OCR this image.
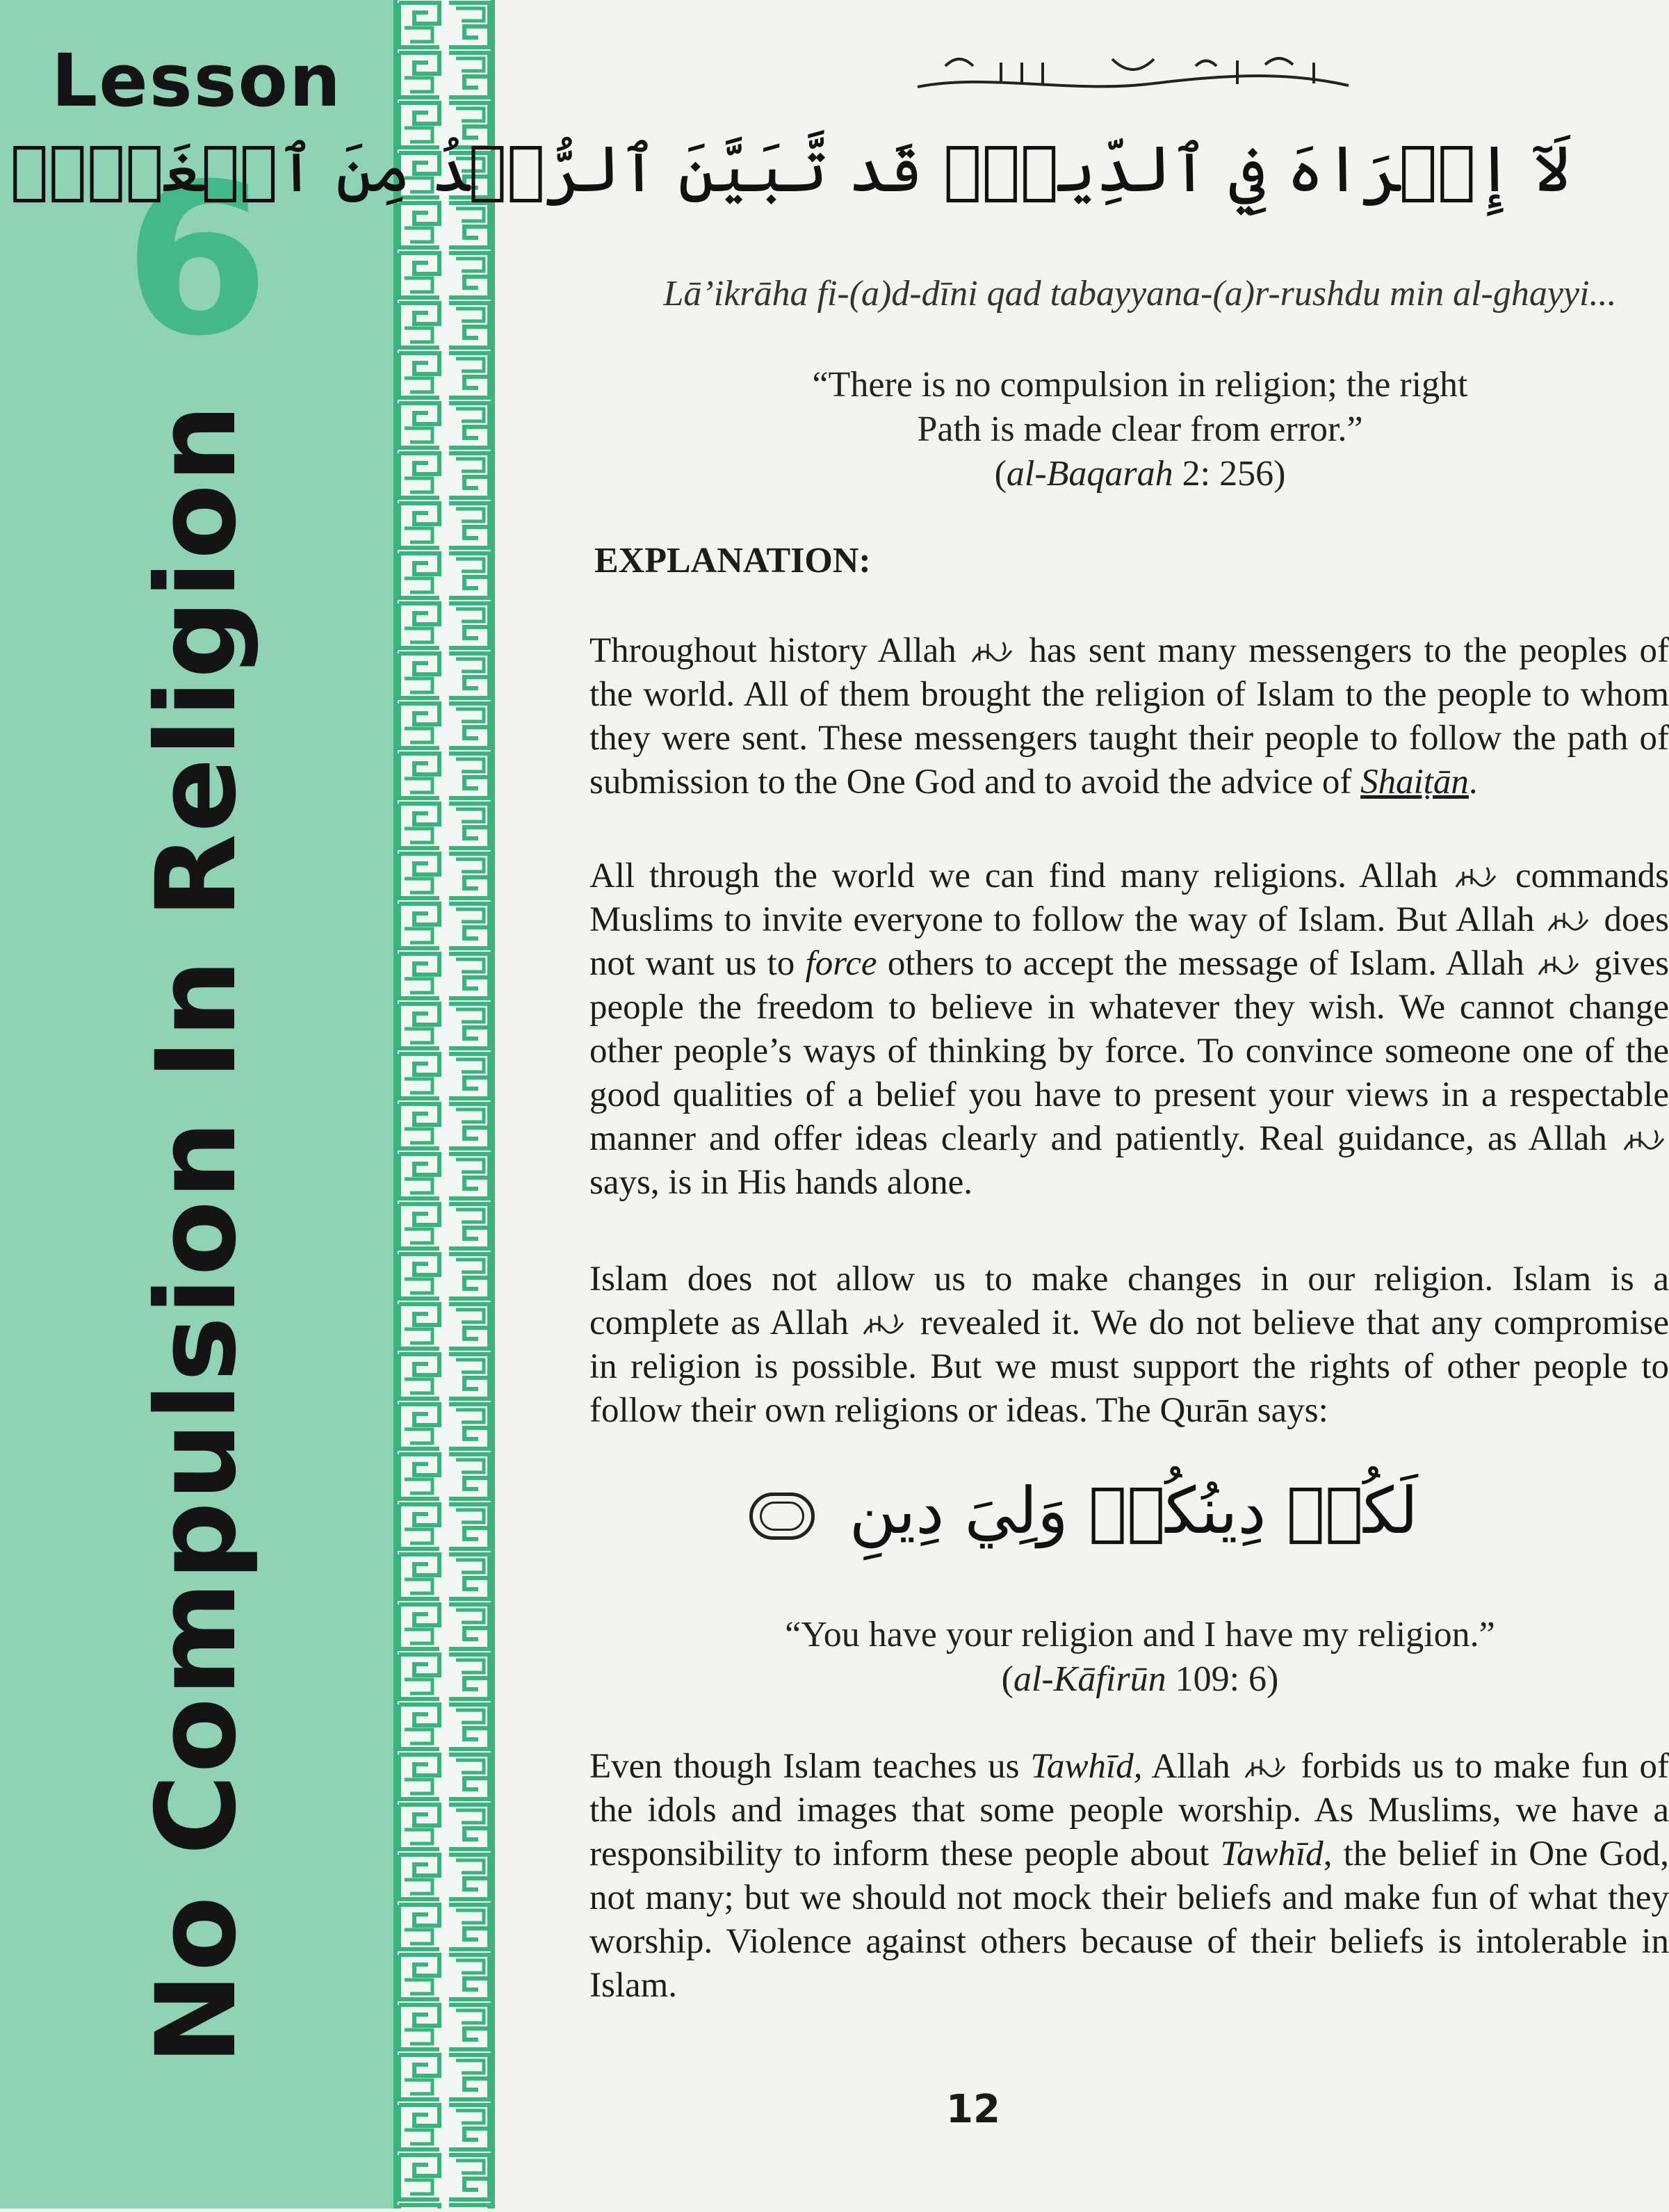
Lesson
6
No Compulsion In Religion
لَآ إِكۡرَاهَ فِي ٱلدِّينِۖ قَد تَّبَيَّنَ ٱلرُّشۡدُ مِنَ ٱلۡغَيِّۚ
Lā’ikrāha fi-(a)d-dīni qad tabayyana-(a)r-rushdu min al-ghayyi...
“There is no compulsion in religion; the right
Path is made clear from error.”
(al-Baqarah 2: 256)
EXPLANATION:
Throughout history Allah  has sent many messengers to the peoples of the world. All of them brought the religion of Islam to the people to whom they were sent. These messengers taught their people to follow the path of submission to the One God and to avoid the advice of Shaiṭān.
All through the world we can find many religions. Allah  commands Muslims to invite everyone to follow the way of Islam. But Allah  does not want us to force others to accept the message of Islam. Allah  gives people the freedom to believe in whatever they wish. We cannot change other people’s ways of thinking by force. To convince someone one of the good qualities of a belief you have to present your views in a respectable manner and offer ideas clearly and patiently. Real guidance, as Allah  says, is in His hands alone.
Islam does not allow us to make changes in our religion. Islam is a complete as Allah  revealed it. We do not believe that any compromise in religion is possible. But we must support the rights of other people to follow their own religions or ideas. The Qurān says:
لَكُمۡ دِينُكُمۡ وَلِيَ دِينِ
“You have your religion and I have my religion.”
(al-Kāfirūn 109: 6)
Even though Islam teaches us Tawhīd, Allah  forbids us to make fun of the idols and images that some people worship. As Muslims, we have a responsibility to inform these people about Tawhīd, the belief in One God, not many; but we should not mock their beliefs and make fun of what they worship. Violence against others because of their beliefs is intolerable in Islam.
12
